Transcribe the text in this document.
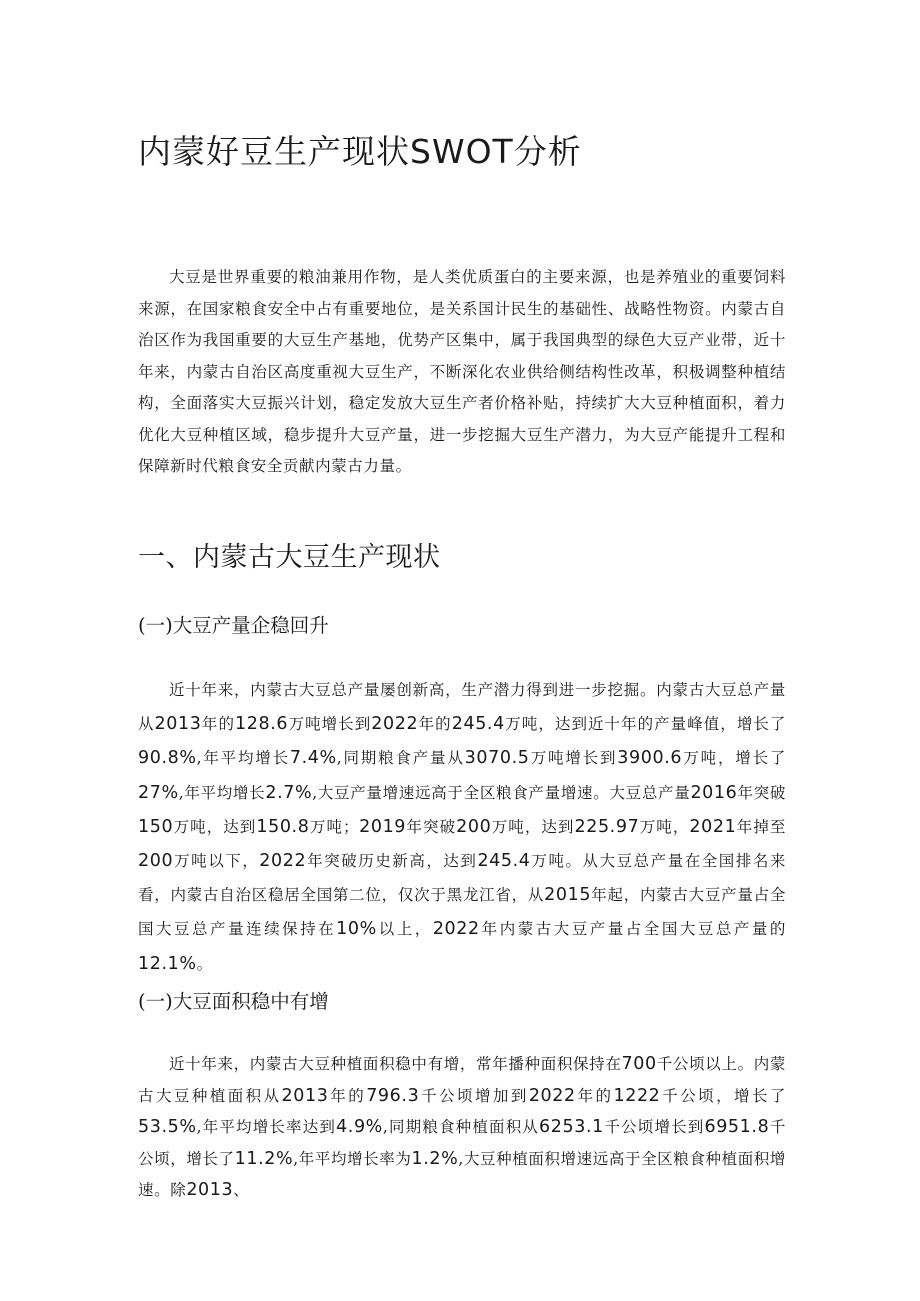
内蒙好豆生产现状SWOT分析

大豆是世界重要的粮油兼用作物，是人类优质蛋白的主要来源，也是养殖业的重要饲料来源，在国家粮食安全中占有重要地位，是关系国计民生的基础性、战略性物资。内蒙古自治区作为我国重要的大豆生产基地，优势产区集中，属于我国典型的绿色大豆产业带，近十年来，内蒙古自治区高度重视大豆生产，不断深化农业供给侧结构性改革，积极调整种植结构，全面落实大豆振兴计划，稳定发放大豆生产者价格补贴，持续扩大大豆种植面积，着力优化大豆种植区域，稳步提升大豆产量，进一步挖掘大豆生产潜力，为大豆产能提升工程和保障新时代粮食安全贡献内蒙古力量。

一、内蒙古大豆生产现状
(一)大豆产量企稳回升

近十年来，内蒙古大豆总产量屡创新高，生产潜力得到进一步挖掘。内蒙古大豆总产量从2013年的128.6万吨增长到2022年的245.4万吨，达到近十年的产量峰值，增长了90.8%,年平均增长7.4%,同期粮食产量从3070.5万吨增长到3900.6万吨，增长了27%,年平均增长2.7%,大豆产量增速远高于全区粮食产量增速。大豆总产量2016年突破150万吨，达到150.8万吨；2019年突破200万吨，达到225.97万吨，2021年掉至200万吨以下，2022年突破历史新高，达到245.4万吨。从大豆总产量在全国排名来看，内蒙古自治区稳居全国第二位，仅次于黑龙江省，从2015年起，内蒙古大豆产量占全国大豆总产量连续保持在10%以上，2022年内蒙古大豆产量占全国大豆总产量的12.1%。

(一)大豆面积稳中有增

近十年来，内蒙古大豆种植面积稳中有增，常年播种面积保持在700千公顷以上。内蒙古大豆种植面积从2013年的796.3千公顷增加到2022年的1222千公顷，增长了53.5%,年平均增长率达到4.9%,同期粮食种植面积从6253.1千公顷增长到6951.8千公顷，增长了11.2%,年平均增长率为1.2%,大豆种植面积增速远高于全区粮食种植面积增速。除2013、
